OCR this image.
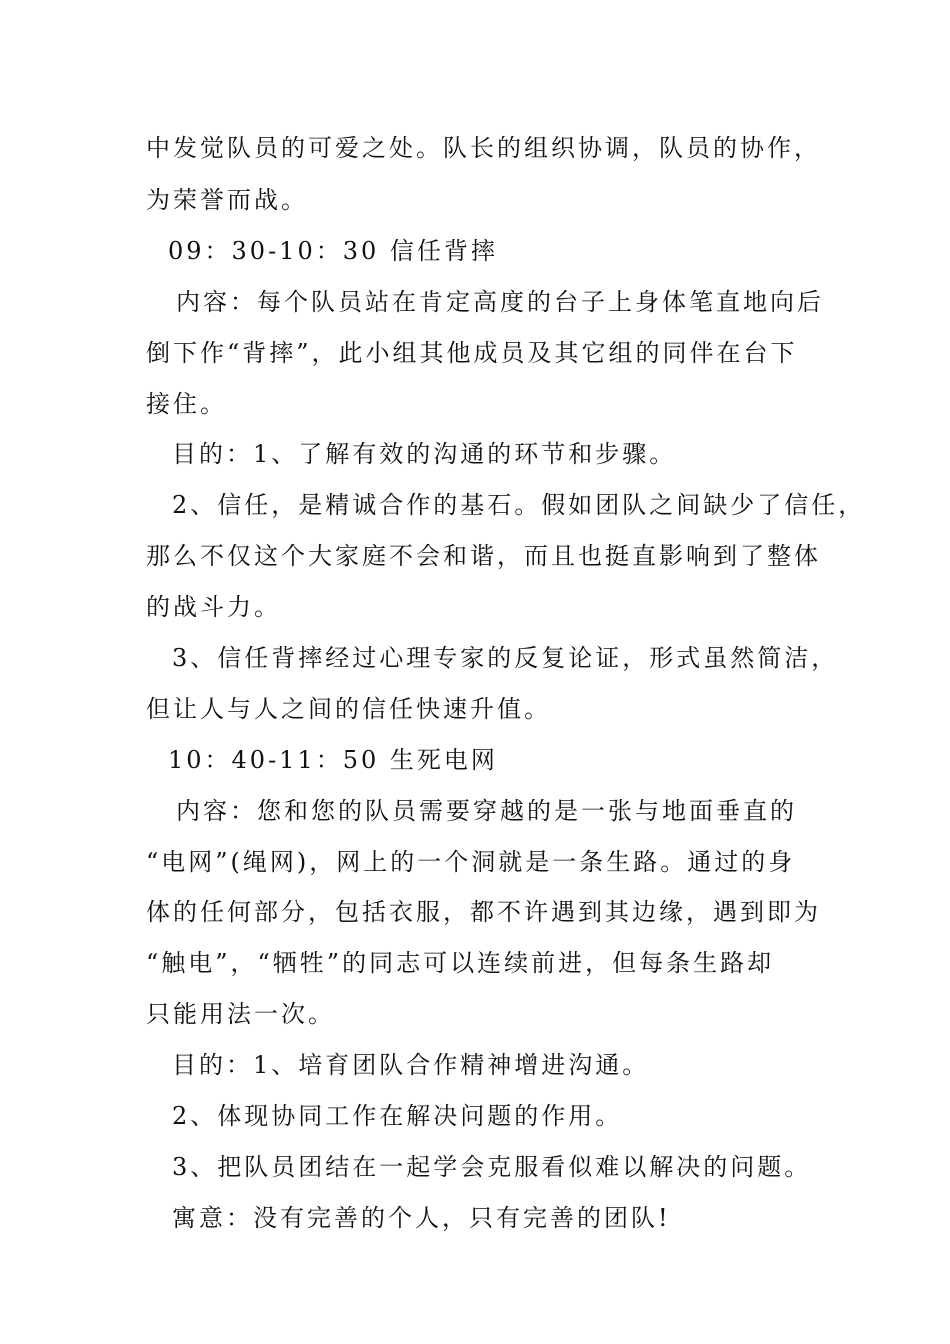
中发觉队员的可爱之处。队长的组织协调，队员的协作，
为荣誉而战。
09：30-10：30 信任背摔
内容：每个队员站在肯定高度的台子上身体笔直地向后
倒下作“背摔”，此小组其他成员及其它组的同伴在台下
接住。
目的：1、了解有效的沟通的环节和步骤。
2、信任，是精诚合作的基石。假如团队之间缺少了信任，
那么不仅这个大家庭不会和谐，而且也挺直影响到了整体
的战斗力。
3、信任背摔经过心理专家的反复论证，形式虽然简洁，
但让人与人之间的信任快速升值。
10：40-11：50 生死电网
内容：您和您的队员需要穿越的是一张与地面垂直的
“电网”(绳网)，网上的一个洞就是一条生路。通过的身
体的任何部分，包括衣服，都不许遇到其边缘，遇到即为
“触电”，“牺牲”的同志可以连续前进，但每条生路却
只能用法一次。
目的：1、培育团队合作精神增进沟通。
2、体现协同工作在解决问题的作用。
3、把队员团结在一起学会克服看似难以解决的问题。
寓意：没有完善的个人，只有完善的团队!
